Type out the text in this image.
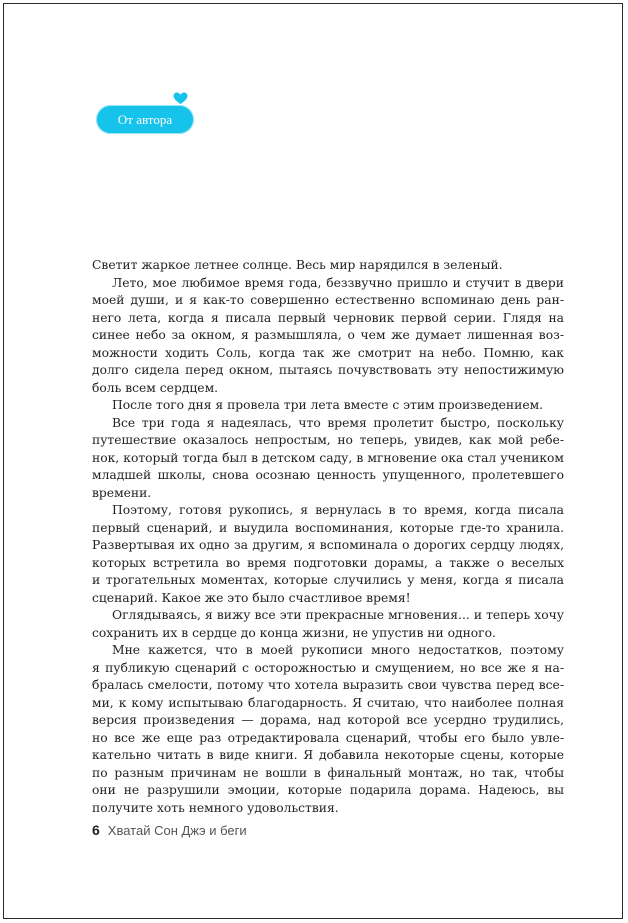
От автора
Светит жаркое летнее солнце. Весь мир нарядился в зеленый.
Лето, мое любимое время года, беззвучно пришло и стучит в двери
моей души, и я как-то совершенно естественно вспоминаю день ран-
него лета, когда я писала первый черновик первой серии. Глядя на
синее небо за окном, я размышляла, о чем же думает лишенная воз-
можности ходить Соль, когда так же смотрит на небо. Помню, как
долго сидела перед окном, пытаясь почувствовать эту непостижимую
боль всем сердцем.
После того дня я провела три лета вместе с этим произведением.
Все три года я надеялась, что время пролетит быстро, поскольку
путешествие оказалось непростым, но теперь, увидев, как мой ребе-
нок, который тогда был в детском саду, в мгновение ока стал учеником
младшей школы, снова осознаю ценность упущенного, пролетевшего
времени.
Поэтому, готовя рукопись, я вернулась в то время, когда писала
первый сценарий, и выудила воспоминания, которые где-то хранила.
Развертывая их одно за другим, я вспоминала о дорогих сердцу людях,
которых встретила во время подготовки дорамы, а также о веселых
и трогательных моментах, которые случились у меня, когда я писала
сценарий. Какое же это было счастливое время!
Оглядываясь, я вижу все эти прекрасные мгновения... и теперь хочу
сохранить их в сердце до конца жизни, не упустив ни одного.
Мне кажется, что в моей рукописи много недостатков, поэтому
я публикую сценарий с осторожностью и смущением, но все же я на-
бралась смелости, потому что хотела выразить свои чувства перед все-
ми, к кому испытываю благодарность. Я считаю, что наиболее полная
версия произведения — дорама, над которой все усердно трудились,
но все же еще раз отредактировала сценарий, чтобы его было увле-
кательно читать в виде книги. Я добавила некоторые сцены, которые
по разным причинам не вошли в финальный монтаж, но так, чтобы
они не разрушили эмоции, которые подарила дорама. Надеюсь, вы
получите хоть немного удовольствия.
6 Хватай Сон Джэ и беги
